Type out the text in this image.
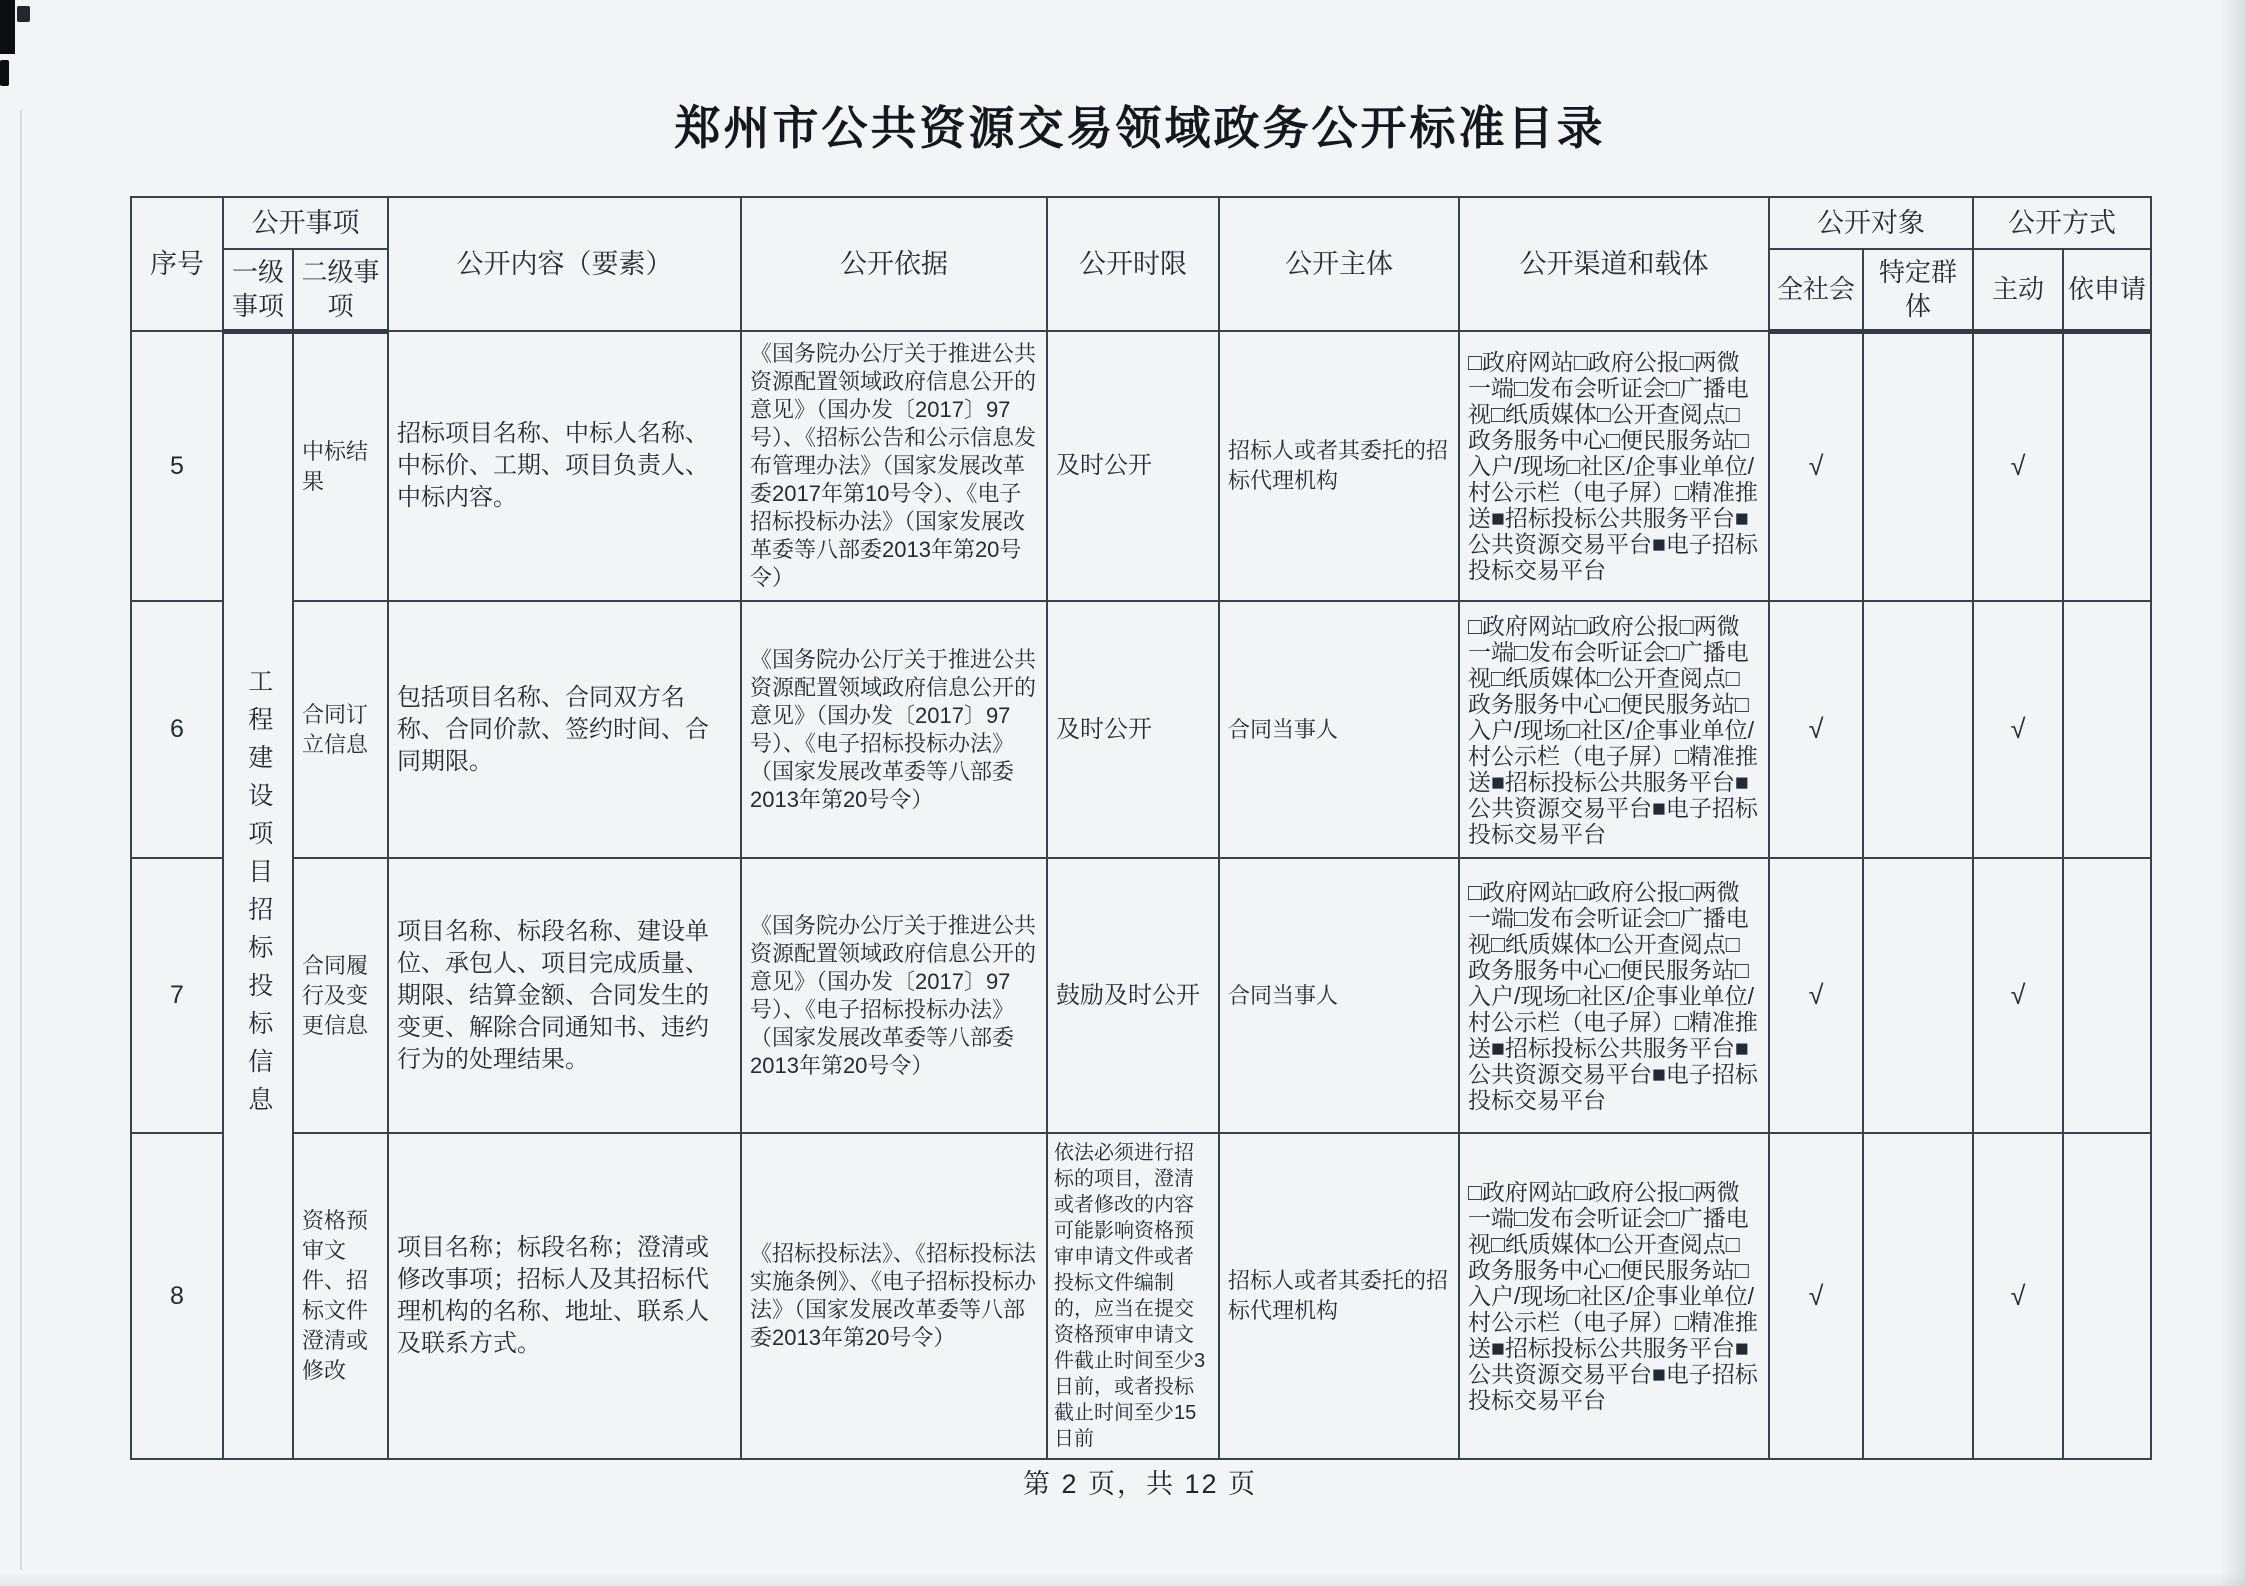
郑州市公共资源交易领域政务公开标准目录
序号	公开事项		公开内容（要素）	公开依据	公开时限	公开主体	公开渠道和载体	公开对象		公开方式	
	一级事项	二级事项						全社会	特定群体	主动	依申请
5	工程建设项目招标投标信息	中标结果	招标项目名称、中标人名称、中标价、工期、项目负责人、中标内容。	《国务院办公厅关于推进公共资源配置领域政府信息公开的意见》（国办发〔2017〕97号）、《招标公告和公示信息发布管理办法》（国家发展改革委2017年第10号令）、《电子招标投标办法》（国家发展改革委等八部委2013年第20号令）	及时公开	招标人或者其委托的招标代理机构	□政府网站□政府公报□两微一端□发布会听证会□广播电视□纸质媒体□公开查阅点□政务服务中心□便民服务站□入户/现场□社区/企事业单位/村公示栏（电子屏）□精准推送■招标投标公共服务平台■公共资源交易平台■电子招标投标交易平台	√		√	
6		合同订立信息	包括项目名称、合同双方名称、合同价款、签约时间、合同期限。	《国务院办公厅关于推进公共资源配置领域政府信息公开的意见》（国办发〔2017〕97号）、《电子招标投标办法》（国家发展改革委等八部委2013年第20号令）	及时公开	合同当事人	□政府网站□政府公报□两微一端□发布会听证会□广播电视□纸质媒体□公开查阅点□政务服务中心□便民服务站□入户/现场□社区/企事业单位/村公示栏（电子屏）□精准推送■招标投标公共服务平台■公共资源交易平台■电子招标投标交易平台	√		√	
7		合同履行及变更信息	项目名称、标段名称、建设单位、承包人、项目完成质量、期限、结算金额、合同发生的变更、解除合同通知书、违约行为的处理结果。	《国务院办公厅关于推进公共资源配置领域政府信息公开的意见》（国办发〔2017〕97号）、《电子招标投标办法》（国家发展改革委等八部委2013年第20号令）	鼓励及时公开	合同当事人	□政府网站□政府公报□两微一端□发布会听证会□广播电视□纸质媒体□公开查阅点□政务服务中心□便民服务站□入户/现场□社区/企事业单位/村公示栏（电子屏）□精准推送■招标投标公共服务平台■公共资源交易平台■电子招标投标交易平台	√		√	
8		资格预审文件、招标文件澄清或修改	项目名称；标段名称；澄清或修改事项；招标人及其招标代理机构的名称、地址、联系人及联系方式。	《招标投标法》、《招标投标法实施条例》、《电子招标投标办法》（国家发展改革委等八部委2013年第20号令）	依法必须进行招标的项目，澄清或者修改的内容可能影响资格预审申请文件或者投标文件编制的，应当在提交资格预审申请文件截止时间至少3日前，或者投标截止时间至少15日前	招标人或者其委托的招标代理机构	□政府网站□政府公报□两微一端□发布会听证会□广播电视□纸质媒体□公开查阅点□政务服务中心□便民服务站□入户/现场□社区/企事业单位/村公示栏（电子屏）□精准推送■招标投标公共服务平台■公共资源交易平台■电子招标投标交易平台	√		√	
第 2 页，共 12 页
